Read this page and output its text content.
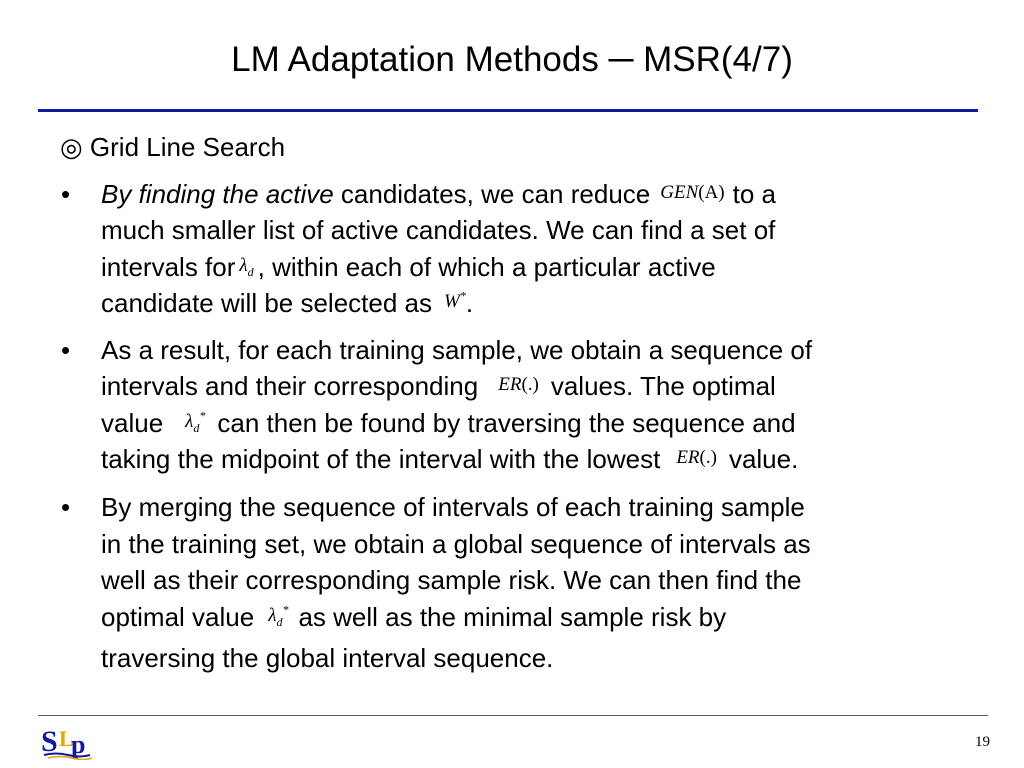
LM Adaptation Methods ─ MSR(4/7)
◎ Grid Line Search
• By finding the active candidates, we can reduce GEN(A) to a
much smaller list of active candidates. We can find a set of
intervals for $\lambda_d$ , within each of which a particular active
candidate will be selected as W*.
• As a result, for each training sample, we obtain a sequence of
intervals and their corresponding ER(.) values. The optimal
value $\lambda_d^*$ can then be found by traversing the sequence and
taking the midpoint of the interval with the lowest ER(.) value.
• By merging the sequence of intervals of each training sample
in the training set, we obtain a global sequence of intervals as
well as their corresponding sample risk. We can then find the
optimal value $\lambda_d^*$ as well as the minimal sample risk by
traversing the global interval sequence.
S L
p	19
